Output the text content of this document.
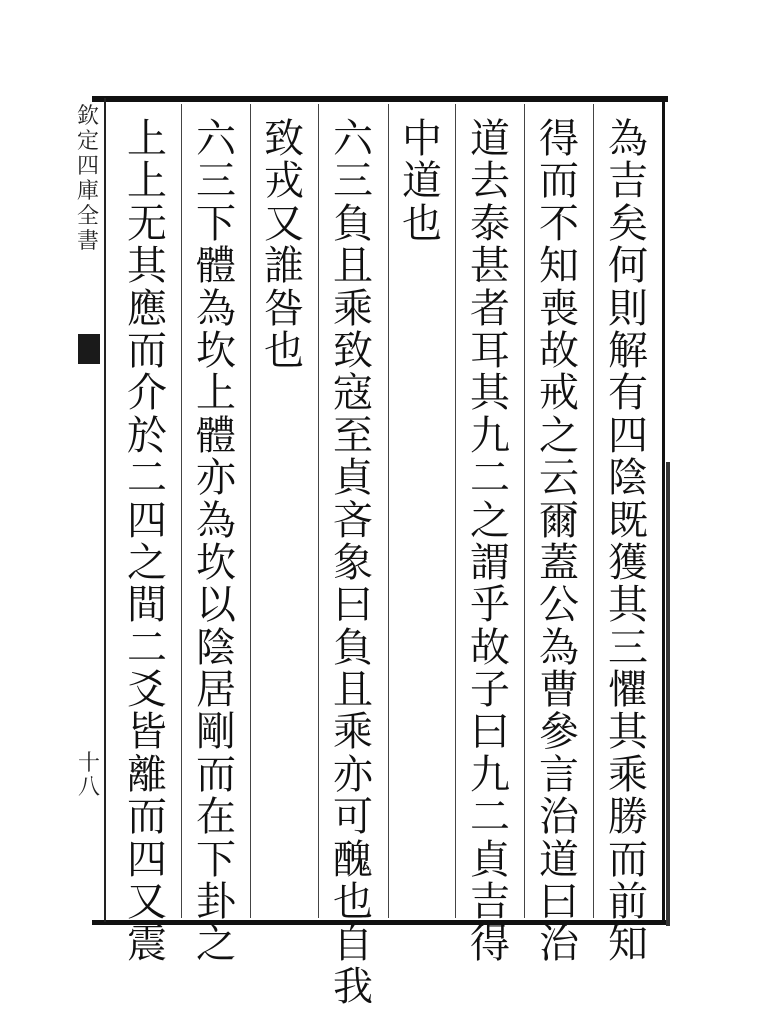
欽
定
四
庫
全
書
十八
為
吉
矣
何
則
解
有
四
陰
既
獲
其
三
懼
其
乘
勝
而
前
知
得
而
不
知
喪
故
戒
之
云
爾
蓋
公
為
曹
參
言
治
道
曰
治
道
去
泰
甚
者
耳
其
九
二
之
謂
乎
故
子
曰
九
二
貞
吉
得
中
道
也
六
三
負
且
乘
致
寇
至
貞
吝
象
曰
負
且
乘
亦
可
醜
也
自
我
致
戎
又
誰
咎
也
六
三
下
體
為
坎
上
體
亦
為
坎
以
陰
居
剛
而
在
下
卦
之
上
上
无
其
應
而
介
於
二
四
之
間
二
爻
皆
離
而
四
又
震
